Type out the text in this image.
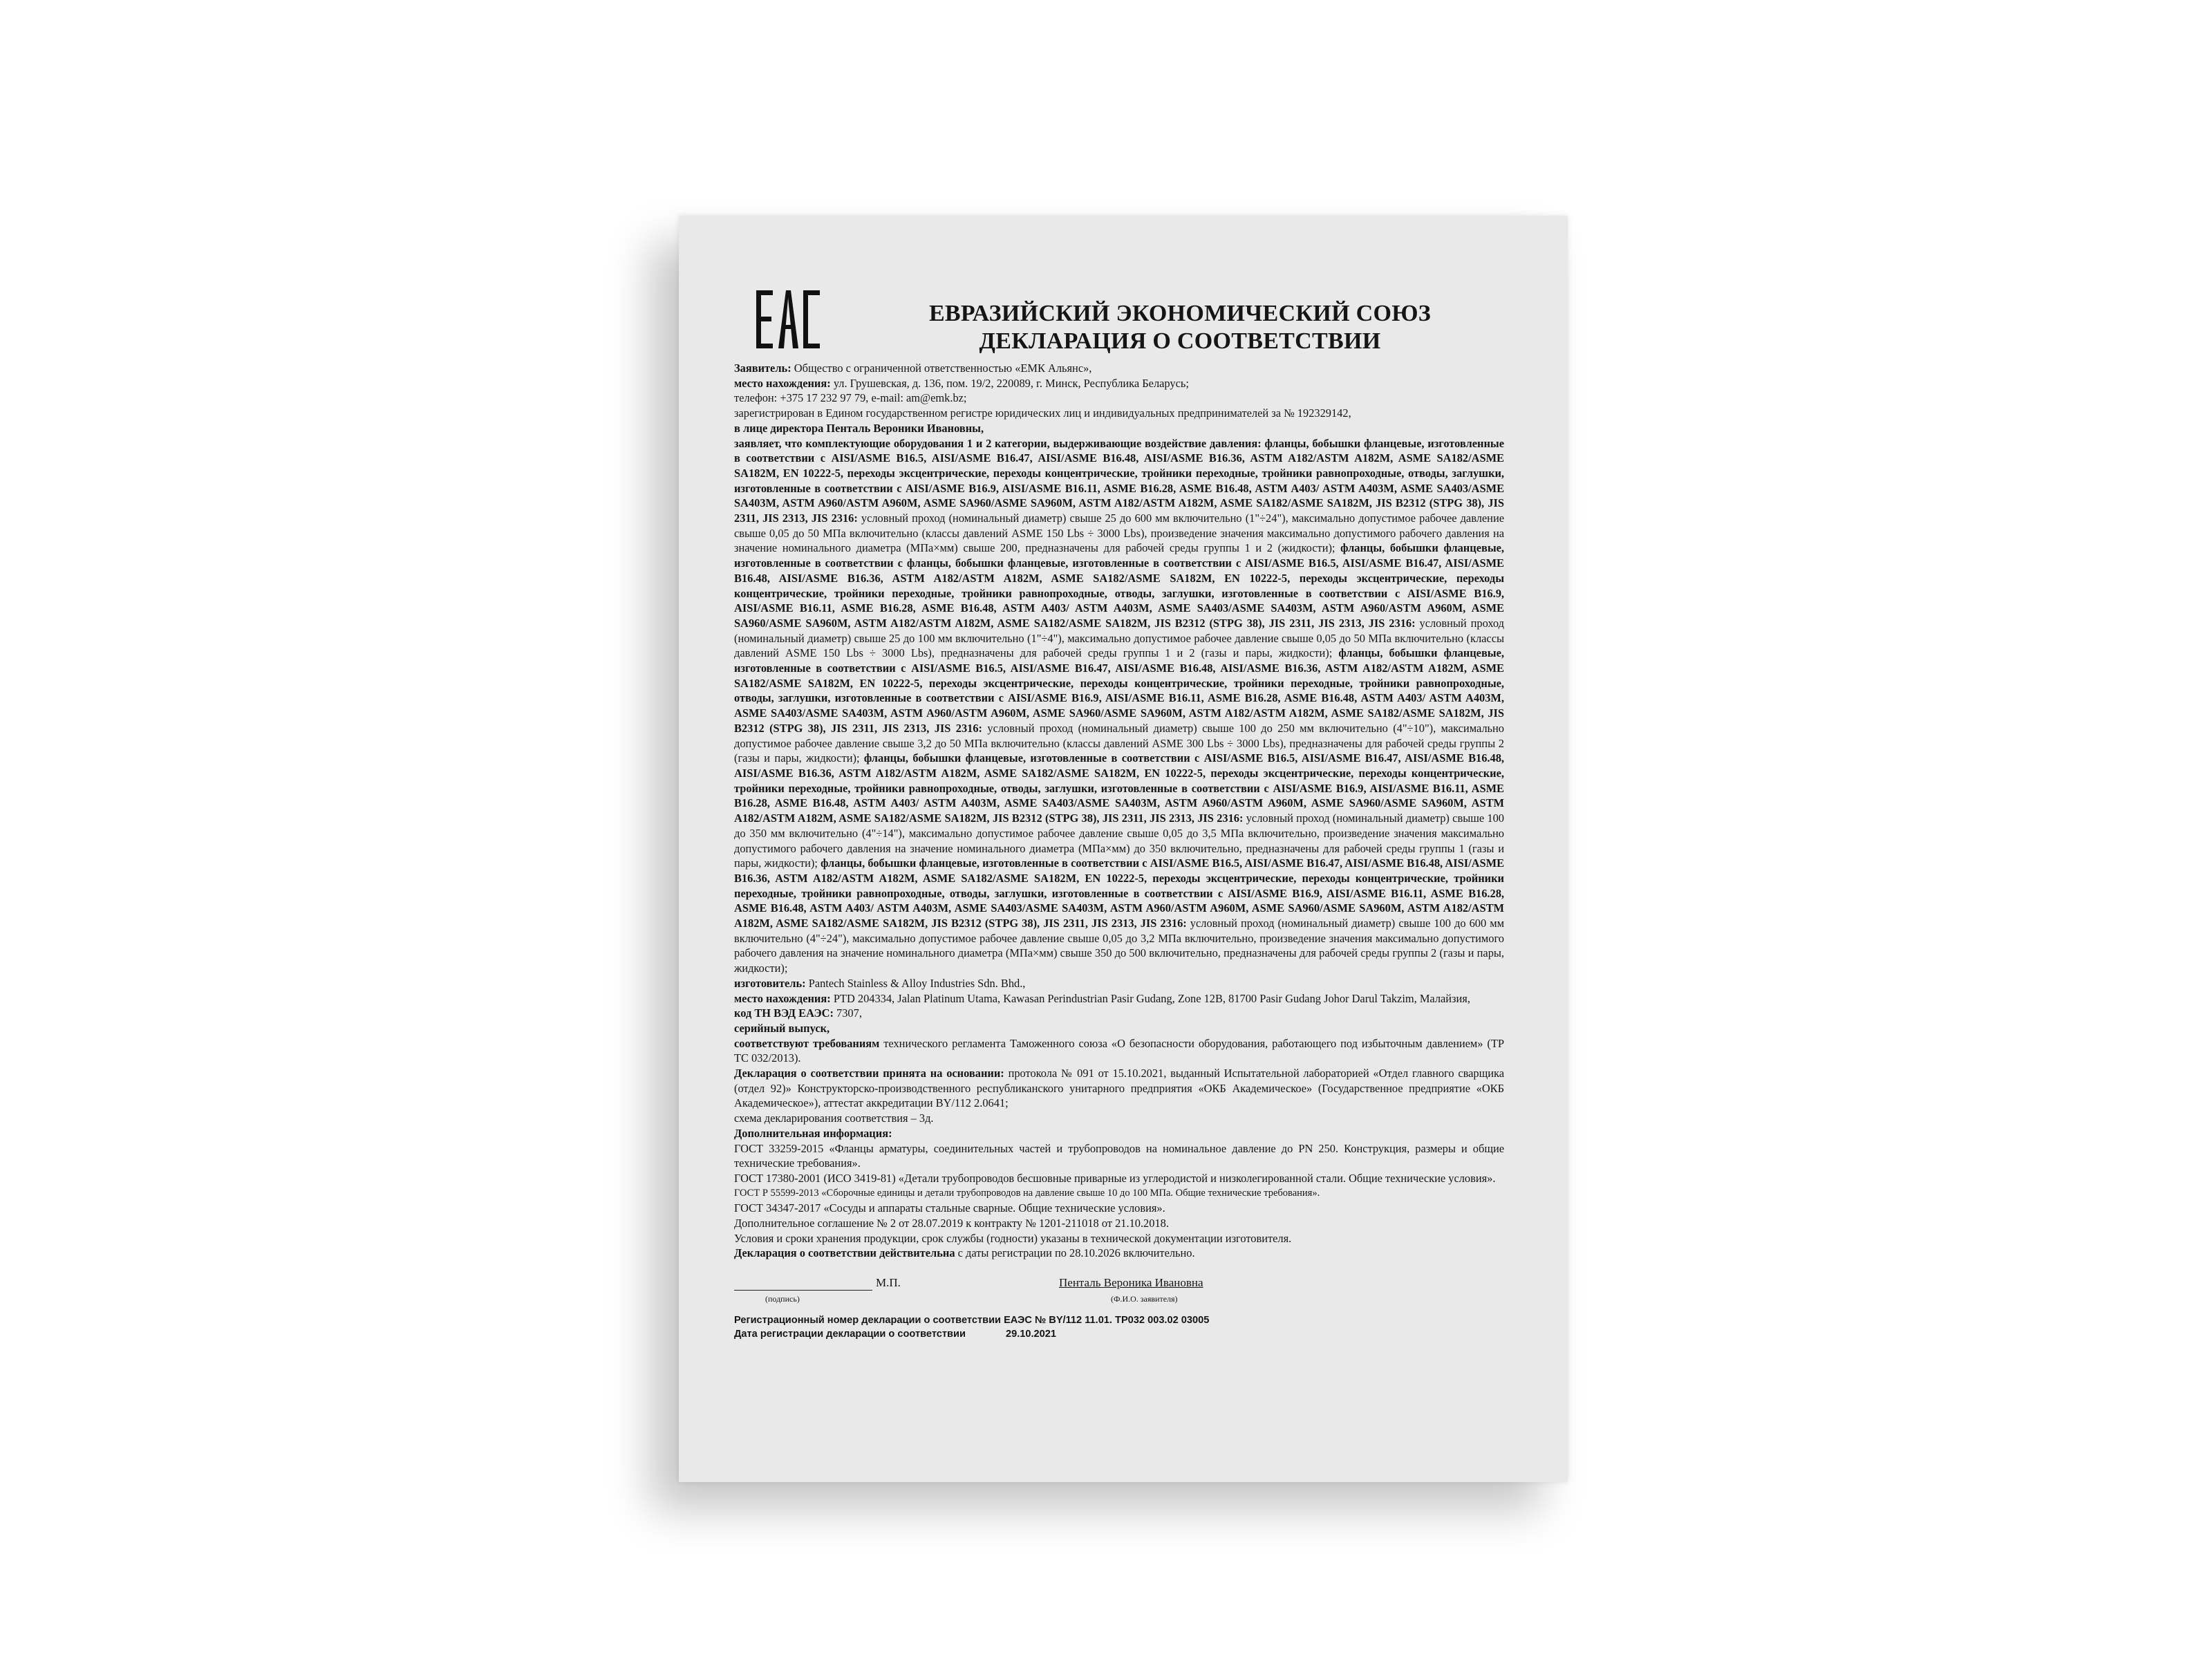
ЕВРАЗИЙСКИЙ ЭКОНОМИЧЕСКИЙ СОЮЗ
ДЕКЛАРАЦИЯ О СООТВЕТСТВИИ

Заявитель: Общество с ограниченной ответственностью «ЕМК Альянс»,

место нахождения: ул. Грушевская, д. 136, пом. 19/2, 220089, г. Минск, Республика Беларусь;

телефон: +375 17 232 97 79, e-mail: am@emk.bz;

зарегистрирован в Едином государственном регистре юридических лиц и индивидуальных предпринимателей за № 192329142,

в лице директора Пенталь Вероники Ивановны,

заявляет, что комплектующие оборудования 1 и 2 категории, выдерживающие воздействие давления: фланцы, бобышки фланцевые, изготовленные в соответствии с AISI/ASME B16.5, AISI/ASME B16.47, AISI/ASME B16.48, AISI/ASME B16.36, ASTM A182/ASTM A182M, ASME SA182/ASME SA182M, EN 10222-5, переходы эксцентрические, переходы концентрические, тройники переходные, тройники равнопроходные, отводы, заглушки, изготовленные в соответствии с AISI/ASME B16.9, AISI/ASME B16.11, ASME B16.28, ASME B16.48, ASTM A403/ ASTM A403M, ASME SA403/ASME SA403M, ASTM A960/ASTM A960M, ASME SA960/ASME SA960M, ASTM A182/ASTM A182M, ASME SA182/ASME SA182M, JIS B2312 (STPG 38), JIS 2311, JIS 2313, JIS 2316: условный проход (номинальный диаметр) свыше 25 до 600 мм включительно (1"÷24"), максимально допустимое рабочее давление свыше 0,05 до 50 МПа включительно (классы давлений ASME 150 Lbs ÷ 3000 Lbs), произведение значения максимально допустимого рабочего давления на значение номинального диаметра (МПа×мм) свыше 200, предназначены для рабочей среды группы 1 и 2 (жидкости); фланцы, бобышки фланцевые, изготовленные в соответствии с фланцы, бобышки фланцевые, изготовленные в соответствии с AISI/ASME B16.5, AISI/ASME B16.47, AISI/ASME B16.48, AISI/ASME B16.36, ASTM A182/ASTM A182M, ASME SA182/ASME SA182M, EN 10222-5, переходы эксцентрические, переходы концентрические, тройники переходные, тройники равнопроходные, отводы, заглушки, изготовленные в соответствии с AISI/ASME B16.9, AISI/ASME B16.11, ASME B16.28, ASME B16.48, ASTM A403/ ASTM A403M, ASME SA403/ASME SA403M, ASTM A960/ASTM A960M, ASME SA960/ASME SA960M, ASTM A182/ASTM A182M, ASME SA182/ASME SA182M, JIS B2312 (STPG 38), JIS 2311, JIS 2313, JIS 2316: условный проход (номинальный диаметр) свыше 25 до 100 мм включительно (1"÷4"), максимально допустимое рабочее давление свыше 0,05 до 50 МПа включительно (классы давлений ASME 150 Lbs ÷ 3000 Lbs), предназначены для рабочей среды группы 1 и 2 (газы и пары, жидкости); фланцы, бобышки фланцевые, изготовленные в соответствии с AISI/ASME B16.5, AISI/ASME B16.47, AISI/ASME B16.48, AISI/ASME B16.36, ASTM A182/ASTM A182M, ASME SA182/ASME SA182M, EN 10222-5, переходы эксцентрические, переходы концентрические, тройники переходные, тройники равнопроходные, отводы, заглушки, изготовленные в соответствии с AISI/ASME B16.9, AISI/ASME B16.11, ASME B16.28, ASME B16.48, ASTM A403/ ASTM A403M, ASME SA403/ASME SA403M, ASTM A960/ASTM A960M, ASME SA960/ASME SA960M, ASTM A182/ASTM A182M, ASME SA182/ASME SA182M, JIS B2312 (STPG 38), JIS 2311, JIS 2313, JIS 2316: условный проход (номинальный диаметр) свыше 100 до 250 мм включительно (4"÷10"), максимально допустимое рабочее давление свыше 3,2 до 50 МПа включительно (классы давлений ASME 300 Lbs ÷ 3000 Lbs), предназначены для рабочей среды группы 2 (газы и пары, жидкости); фланцы, бобышки фланцевые, изготовленные в соответствии с AISI/ASME B16.5, AISI/ASME B16.47, AISI/ASME B16.48, AISI/ASME B16.36, ASTM A182/ASTM A182M, ASME SA182/ASME SA182M, EN 10222-5, переходы эксцентрические, переходы концентрические, тройники переходные, тройники равнопроходные, отводы, заглушки, изготовленные в соответствии с AISI/ASME B16.9, AISI/ASME B16.11, ASME B16.28, ASME B16.48, ASTM A403/ ASTM A403M, ASME SA403/ASME SA403M, ASTM A960/ASTM A960M, ASME SA960/ASME SA960M, ASTM A182/ASTM A182M, ASME SA182/ASME SA182M, JIS B2312 (STPG 38), JIS 2311, JIS 2313, JIS 2316: условный проход (номинальный диаметр) свыше 100 до 350 мм включительно (4"÷14"), максимально допустимое рабочее давление свыше 0,05 до 3,5 МПа включительно, произведение значения максимально допустимого рабочего давления на значение номинального диаметра (МПа×мм) до 350 включительно, предназначены для рабочей среды группы 1 (газы и пары, жидкости); фланцы, бобышки фланцевые, изготовленные в соответствии с AISI/ASME B16.5, AISI/ASME B16.47, AISI/ASME B16.48, AISI/ASME B16.36, ASTM A182/ASTM A182M, ASME SA182/ASME SA182M, EN 10222-5, переходы эксцентрические, переходы концентрические, тройники переходные, тройники равнопроходные, отводы, заглушки, изготовленные в соответствии с AISI/ASME B16.9, AISI/ASME B16.11, ASME B16.28, ASME B16.48, ASTM A403/ ASTM A403M, ASME SA403/ASME SA403M, ASTM A960/ASTM A960M, ASME SA960/ASME SA960M, ASTM A182/ASTM A182M, ASME SA182/ASME SA182M, JIS B2312 (STPG 38), JIS 2311, JIS 2313, JIS 2316: условный проход (номинальный диаметр) свыше 100 до 600 мм включительно (4"÷24"), максимально допустимое рабочее давление свыше 0,05 до 3,2 МПа включительно, произведение значения максимально допустимого рабочего давления на значение номинального диаметра (МПа×мм) свыше 350 до 500 включительно, предназначены для рабочей среды группы 2 (газы и пары, жидкости);

изготовитель: Pantech Stainless & Alloy Industries Sdn. Bhd.,

место нахождения: PTD 204334, Jalan Platinum Utama, Kawasan Perindustrian Pasir Gudang, Zone 12B, 81700 Pasir Gudang Johor Darul Takzim, Малайзия,

код ТН ВЭД ЕАЭС: 7307,

серийный выпуск,

соответствуют требованиям технического регламента Таможенного союза «О безопасности оборудования, работающего под избыточным давлением» (ТР ТС 032/2013).

Декларация о соответствии принята на основании: протокола № 091 от 15.10.2021, выданный Испытательной лабораторией «Отдел главного сварщика (отдел 92)» Конструкторско-производственного республиканского унитарного предприятия «ОКБ Академическое» (Государственное предприятие «ОКБ Академическое»), аттестат аккредитации BY/112 2.0641;

схема декларирования соответствия – 3д.

Дополнительная информация:

ГОСТ 33259-2015 «Фланцы арматуры, соединительных частей и трубопроводов на номинальное давление до PN 250. Конструкция, размеры и общие технические требования».

ГОСТ 17380-2001 (ИСО 3419-81) «Детали трубопроводов бесшовные приварные из углеродистой и низколегированной стали. Общие технические условия».

ГОСТ Р 55599-2013 «Сборочные единицы и детали трубопроводов на давление свыше 10 до 100 МПа. Общие технические требования».

ГОСТ 34347-2017 «Сосуды и аппараты стальные сварные. Общие технические условия».

Дополнительное соглашение № 2 от 28.07.2019 к контракту № 1201-211018 от 21.10.2018.

Условия и сроки хранения продукции, срок службы (годности) указаны в технической документации изготовителя.

Декларация о соответствии действительна с даты регистрации по 28.10.2026 включительно.

М.П.
(подпись)
Пенталь Вероника Ивановна
(Ф.И.О. заявителя)
Регистрационный номер декларации о соответствии ЕАЭС № BY/112 11.01. ТР032 003.02 03005
Дата регистрации декларации о соответствии	29.10.2021
